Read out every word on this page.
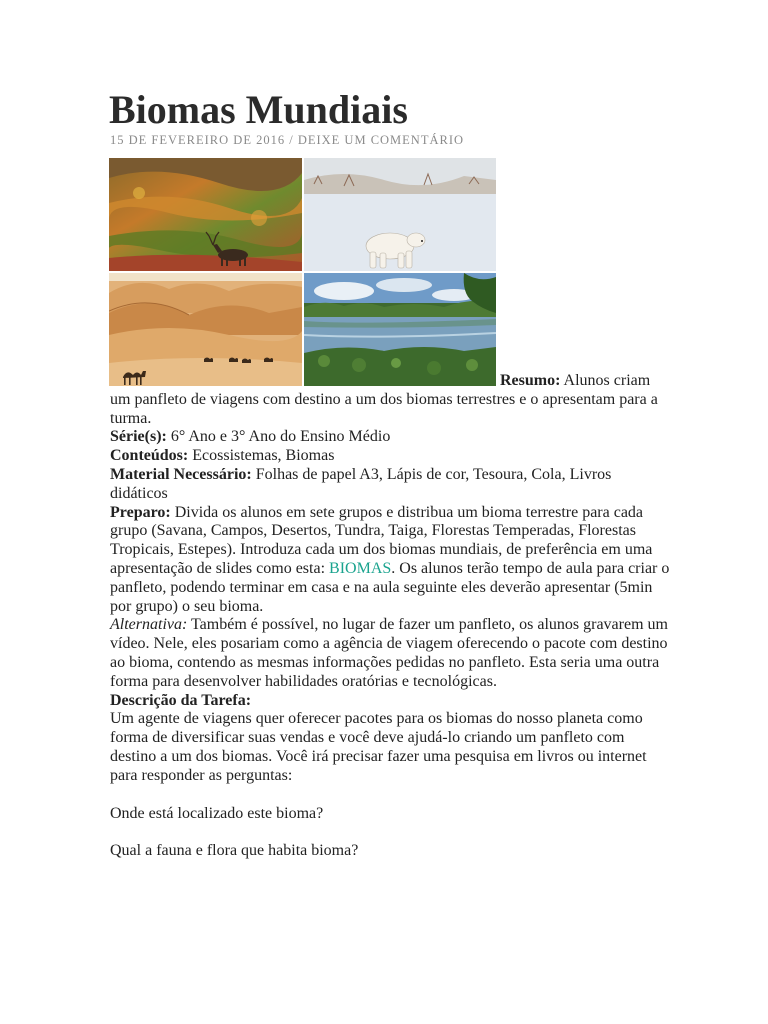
Biomas Mundiais
15 DE FEVEREIRO DE 2016 / DEIXE UM COMENTÁRIO

Resumo: Alunos criam um panfleto de viagens com destino a um dos biomas terrestres e o apresentam para a turma.

Série(s): 6° Ano e 3° Ano do Ensino Médio

Conteúdos: Ecossistemas, Biomas

Material Necessário: Folhas de papel A3, Lápis de cor, Tesoura, Cola, Livros didáticos

Preparo: Divida os alunos em sete grupos e distribua um bioma terrestre para cada grupo (Savana, Campos, Desertos, Tundra, Taiga, Florestas Temperadas, Florestas Tropicais, Estepes). Introduza cada um dos biomas mundiais, de preferência em uma apresentação de slides como esta: BIOMAS. Os alunos terão tempo de aula para criar o panfleto, podendo terminar em casa e na aula seguinte eles deverão apresentar (5min por grupo) o seu bioma.

Alternativa: Também é possível, no lugar de fazer um panfleto, os alunos gravarem um vídeo. Nele, eles posariam como a agência de viagem oferecendo o pacote com destino ao bioma, contendo as mesmas informações pedidas no panfleto. Esta seria uma outra forma para desenvolver habilidades oratórias e tecnológicas.

Descrição da Tarefa:

Um agente de viagens quer oferecer pacotes para os biomas do nosso planeta como forma de diversificar suas vendas e você deve ajudá-lo criando um panfleto com destino a um dos biomas. Você irá precisar fazer uma pesquisa em livros ou internet para responder as perguntas:

Onde está localizado este bioma?

Qual a fauna e flora que habita bioma?
